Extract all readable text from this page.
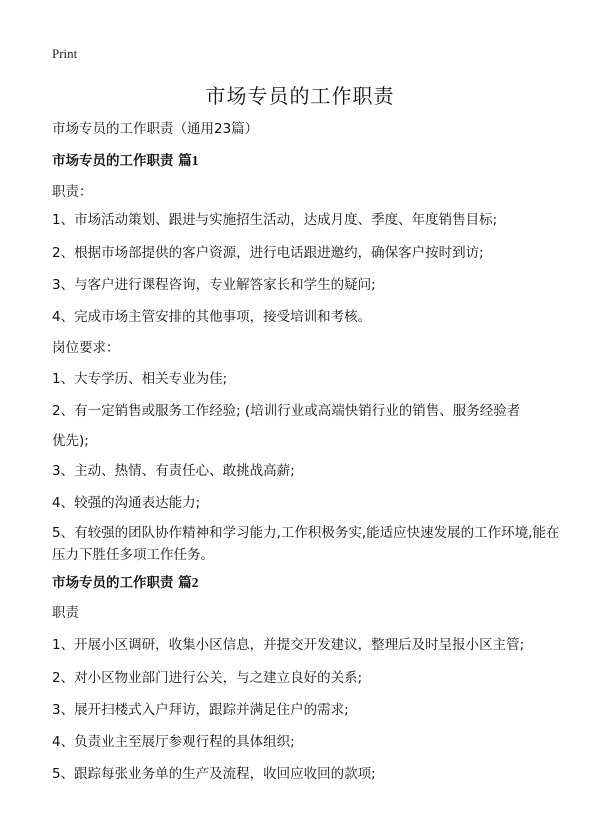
Print
市场专员的工作职责
市场专员的工作职责（通用23篇）
市场专员的工作职责 篇1
职责：
1、市场活动策划、跟进与实施招生活动，达成月度、季度、年度销售目标;
2、根据市场部提供的客户资源，进行电话跟进邀约，确保客户按时到访;
3、与客户进行课程咨询，专业解答家长和学生的疑问;
4、完成市场主管安排的其他事项，接受培训和考核。
岗位要求：
1、大专学历、相关专业为佳;
2、有一定销售或服务工作经验; (培训行业或高端快销行业的销售、服务经验者
优先);
3、主动、热情、有责任心、敢挑战高薪;
4、较强的沟通表达能力;
5、有较强的团队协作精神和学习能力,工作积极务实,能适应快速发展的工作环境,能在压力下胜任多项工作任务。
市场专员的工作职责 篇2
职责
1、开展小区调研，收集小区信息，并提交开发建议，整理后及时呈报小区主管;
2、对小区物业部门进行公关，与之建立良好的关系;
3、展开扫楼式入户拜访，跟踪并满足住户的需求;
4、负责业主至展厅参观行程的具体组织;
5、跟踪每张业务单的生产及流程，收回应收回的款项;
